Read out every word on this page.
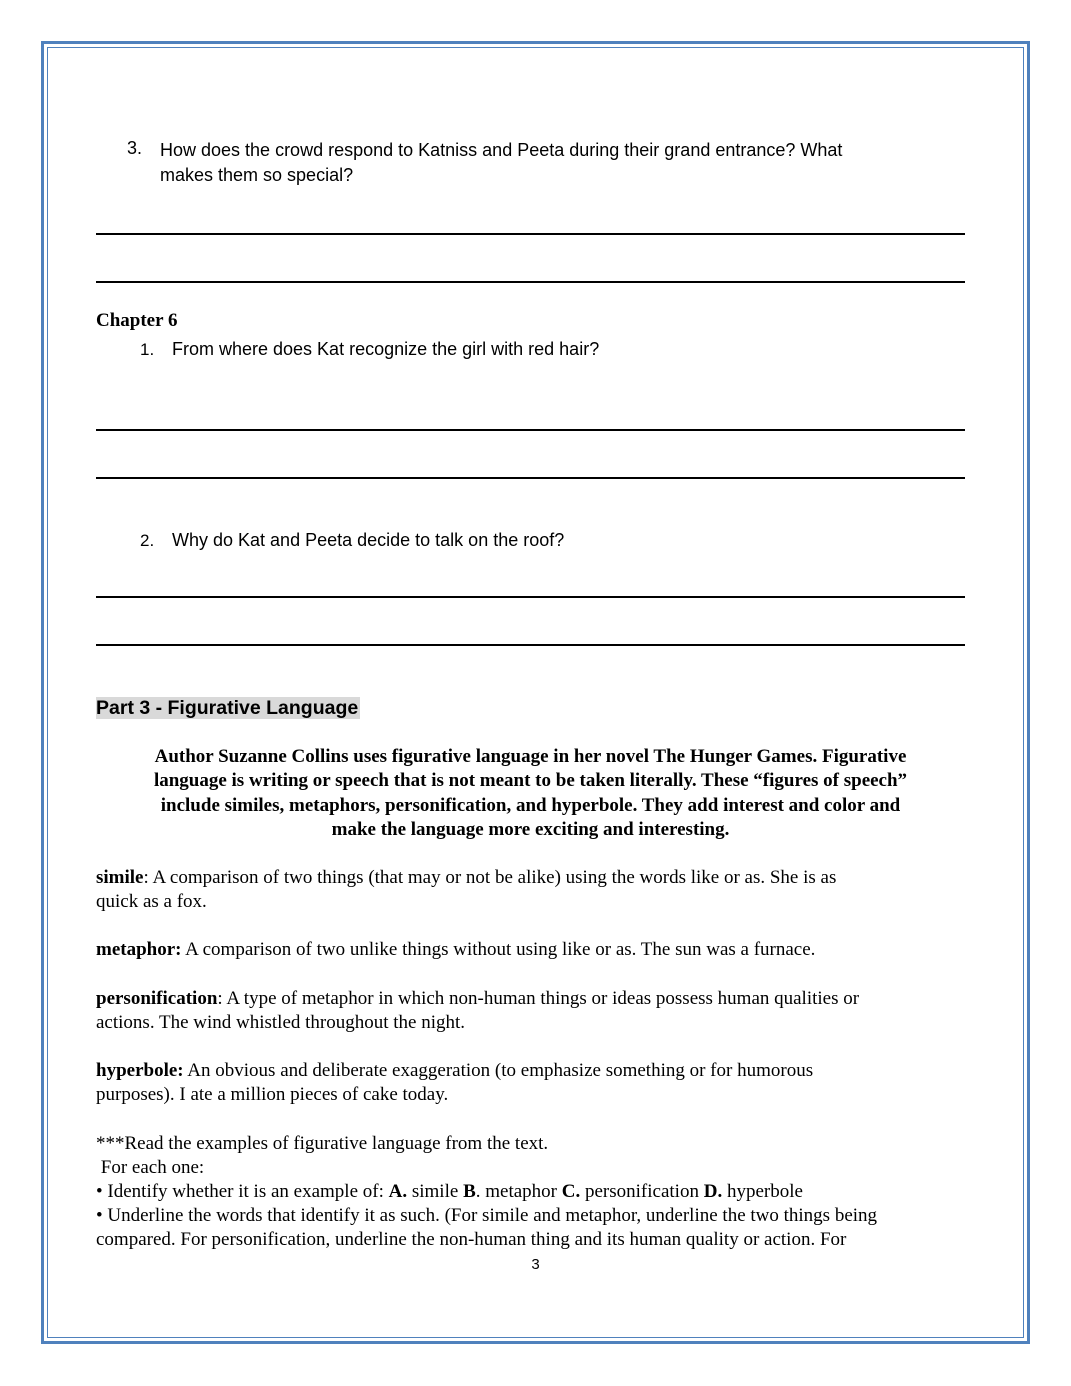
3. How does the crowd respond to Katniss and Peeta during their grand entrance? What
makes them so special?
Chapter 6
1. From where does Kat recognize the girl with red hair?
2. Why do Kat and Peeta decide to talk on the roof?
Part 3 - Figurative Language
Author Suzanne Collins uses figurative language in her novel The Hunger Games. Figurative
language is writing or speech that is not meant to be taken literally. These “figures of speech”
include similes, metaphors, personification, and hyperbole. They add interest and color and
make the language more exciting and interesting.
simile: A comparison of two things (that may or not be alike) using the words like or as. She is as
quick as a fox.
metaphor: A comparison of two unlike things without using like or as. The sun was a furnace.
personification: A type of metaphor in which non-human things or ideas possess human qualities or
actions. The wind whistled throughout the night.
hyperbole: An obvious and deliberate exaggeration (to emphasize something or for humorous
purposes). I ate a million pieces of cake today.
***Read the examples of figurative language from the text.
For each one:
• Identify whether it is an example of: A. simile B. metaphor C. personification D. hyperbole
• Underline the words that identify it as such. (For simile and metaphor, underline the two things being
compared. For personification, underline the non-human thing and its human quality or action. For
3
